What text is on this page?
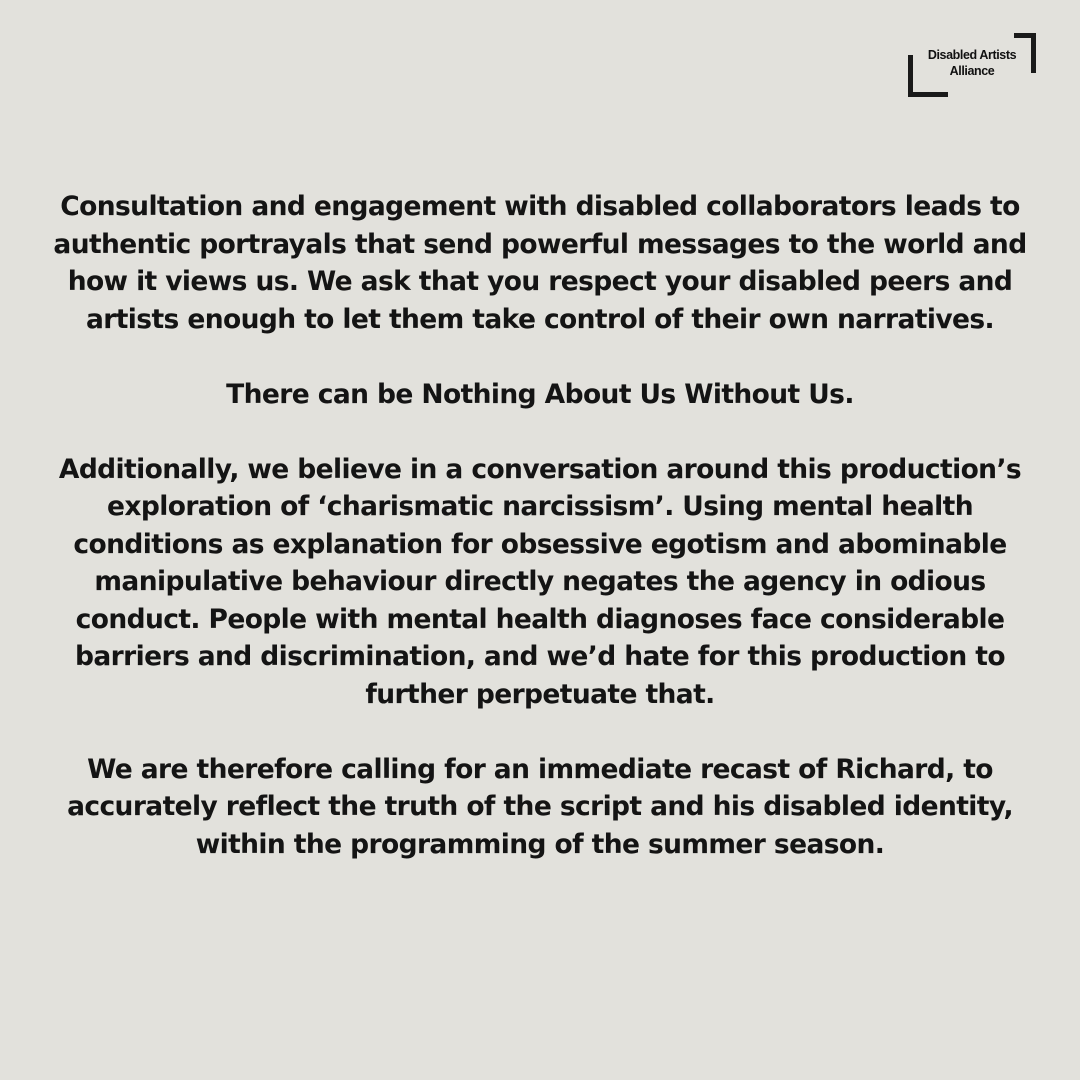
Disabled Artists
Alliance

Consultation and engagement with disabled collaborators leads to authentic portrayals that send powerful messages to the world and how it views us. We ask that you respect your disabled peers and artists enough to let them take control of their own narratives.

There can be Nothing About Us Without Us.

Additionally, we believe in a conversation around this production’s exploration of ‘charismatic narcissism’. Using mental health conditions as explanation for obsessive egotism and abominable manipulative behaviour directly negates the agency in odious conduct. People with mental health diagnoses face considerable barriers and discrimination, and we’d hate for this production to further perpetuate that.

We are therefore calling for an immediate recast of Richard, to accurately reflect the truth of the script and his disabled identity, within the programming of the summer season.
